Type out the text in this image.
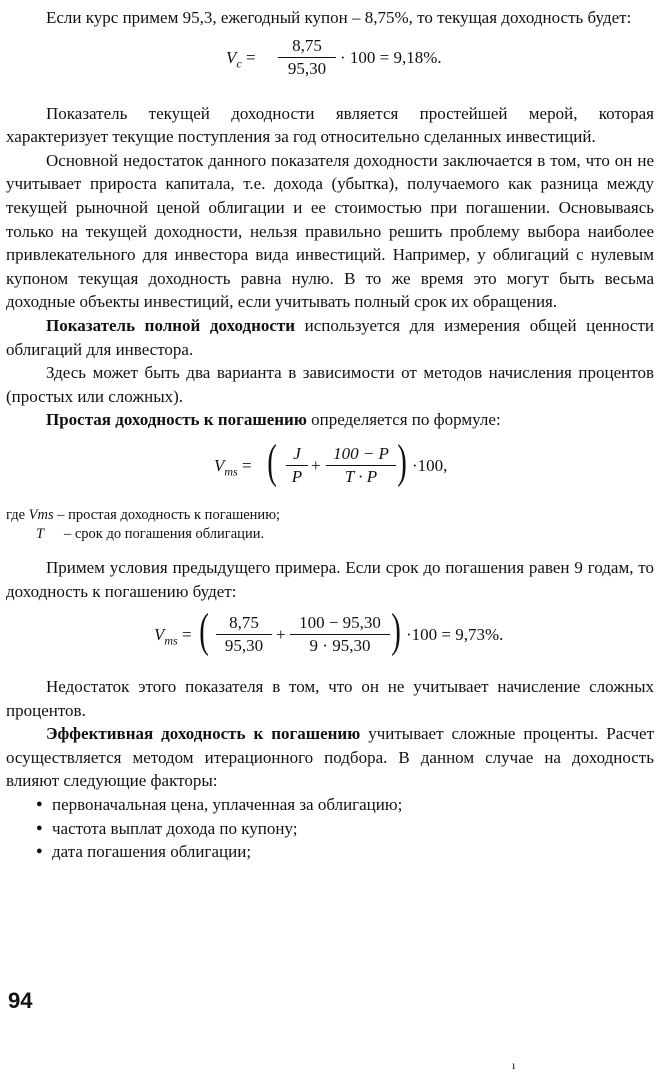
Если курс примем 95,3, ежегодный купон – 8,75%, то текущая доходность будет:

$V_c$ =
8,75
95,30
· 100 = 9,18%.

Показатель текущей доходности является простейшей мерой, которая характеризует текущие поступления за год относительно сделанных инвестиций.

Основной недостаток данного показателя доходности заключается в том, что он не учитывает прироста капитала, т.е. дохода (убытка), получаемого как разница между текущей рыночной ценой облигации и ее стоимостью при погашении. Основываясь только на текущей доходности, нельзя правильно решить проблему выбора наиболее привлекательного для инвестора вида инвестиций. Например, у облигаций с нулевым купоном текущая доходность равна нулю. В то же время это могут быть весьма доходные объекты инвестиций, если учитывать полный срок их обращения.

Показатель полной доходности используется для измерения общей ценности облигаций для инвестора.

Здесь может быть два варианта в зависимости от методов начисления процентов (простых или сложных).

Простая доходность к погашению определяется по формуле:

$V_{ms}$ = ( J
P
+
100 − P
T · P ) ·100,

где Vms – простая доходность к погашению;

T – срок до погашения облигации.

Примем условия предыдущего примера. Если срок до погашения равен 9 годам, то доходность к погашению будет:

$V_{ms}$ = (	8,75
95,30
+
100 − 95,30
9 · 95,30 ) ·100 = 9,73%.

Недостаток этого показателя в том, что он не учитывает начисление сложных процентов.

Эффективная доходность к погашению учитывает сложные проценты. Расчет осуществляется методом итерационного подбора. В данном случае на доходность влияют следующие факторы:

● первоначальная цена, уплаченная за облигацию;
● частота выплат дохода по купону;
● дата погашения облигации;
94
ı
